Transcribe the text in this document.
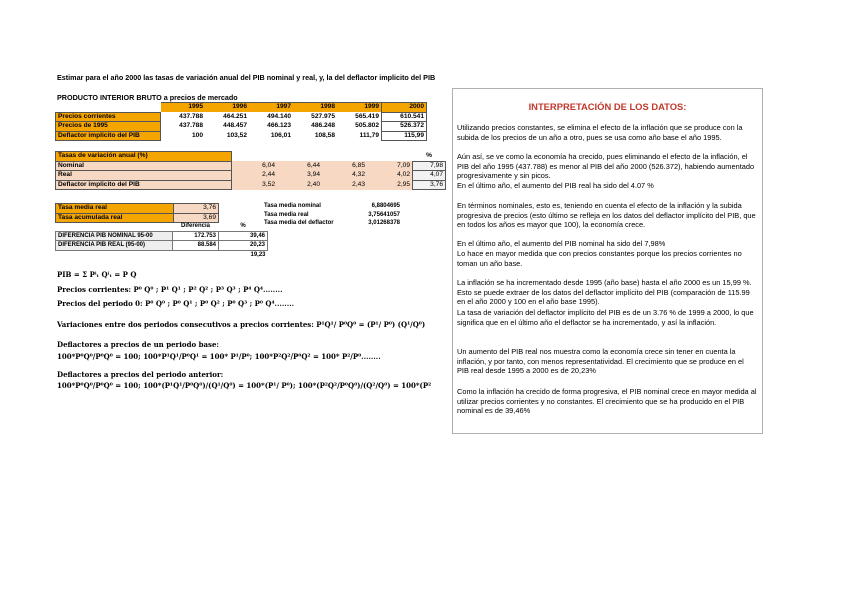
Estimar para el año 2000 las tasas de variación anual del PIB nominal y real, y, la del deflactor implicito del PIB
PRODUCTO INTERIOR BRUTO a precios de mercado
	1995	1996	1997	1998	1999	2000
Precios corrientes	437.788	464.251	494.140	527.975	565.419	610.541
Precios de 1995	437.788	448.457	466.123	486.248	505.802	526.372
Deflactor implicito del PIB	100	103,52	106,01	108,58	111,79	115,99
Tasas de variación anual (%)					%
Nominal	6,04	6,44	6,85	7,09	7,98
Real	2,44	3,94	4,32	4,02	4,07
Deflactor implicito del PIB	3,52	2,40	2,43	2,95	3,76
Tasa media real	3,76
Tasa acumulada real	3,69
Tasa media nominal	6,8804695
Tasa media real	3,75641057
Tasa media del deflactor	3,01268378
	Diferencia	%
DIFERENCIA PIB NOMINAL 95-00	172.753	39,46
DIFERENCIA PIB REAL (95-00)	88.584	20,23
		19,23
PIB = Σ Pⁱₜ Qⁱₜ = P Q
Precios corrientes: P⁰ Q⁰ ; P¹ Q¹ ; P² Q² ; P³ Q³ ; P⁴ Q⁴........
Precios del periodo 0: P⁰ Q⁰ ; P⁰ Q¹ ; P⁰ Q² ; P⁰ Q³ ; P⁰ Q⁴........
Variaciones entre dos periodos consecutivos a precios corrientes: P¹Q¹/ P⁰Q⁰ = (P¹/ P⁰) (Q¹/Q⁰)
Deflactores a precios de un periodo base:
100*P⁰Q⁰/P⁰Q⁰ = 100; 100*P¹Q¹/P⁰Q¹ = 100* P¹/P⁰; 100*P²Q²/P⁰Q² = 100* P²/P⁰........
Deflactores a precios del periodo anterior:
100*P⁰Q⁰/P⁰Q⁰ = 100; 100*(P¹Q¹/P⁰Q⁰)/(Q¹/Q⁰) = 100*(P¹/ P⁰); 100*(P²Q²/P⁰Q⁰)/(Q²/Q⁰) = 100*(P²
INTERPRETACIÓN DE LOS DATOS:
Utilizando precios constantes, se elimina el efecto de la inflación que se produce con la subida de los precios de un año a otro, pues se usa como año base el año 1995.
Aún así, se ve como la economía ha crecido, pues eliminando el efecto de la inflación, el PIB del año 1995 (437.788) es menor al PIB del año 2000 (526.372), habiendo aumentado progresivamente y sin picos.
En el último año, el aumento del PIB real ha sido del 4.07 %
En términos nominales, esto es, teniendo en cuenta el efecto de la inflación y la subida progresiva de precios (esto último se refleja en los datos del deflactor implícito del PIB, que en todos los años es mayor que 100), la economía crece.
En el último año, el aumento del PIB nominal ha sido del 7,98%
Lo hace en mayor medida que con precios constantes porque los precios corrientes no toman un año base.
La inflación se ha incrementado desde 1995 (año base) hasta el año 2000 es un 15,99 %. Esto se puede extraer de los datos del deflactor implícito del PIB (comparación de 115.99 en el año 2000 y 100 en el año base 1995).
La tasa de variación del deflactor implícito del PIB es de un 3.76 % de 1999 a 2000, lo que significa que en el último año el deflactor se ha incrementado, y así la inflación.
Un aumento del PIB real nos muestra como la economía crece sin tener en cuenta la inflación, y por tanto, con menos representatividad. El crecimiento que se produce en el PIB real desde 1995 a 2000 es de 20,23%
Como la inflación ha crecido de forma progresiva, el PIB nominal crece en mayor medida al utilizar precios corrientes y no constantes. El crecimiento que se ha producido en el PIB nominal es de 39,46%
